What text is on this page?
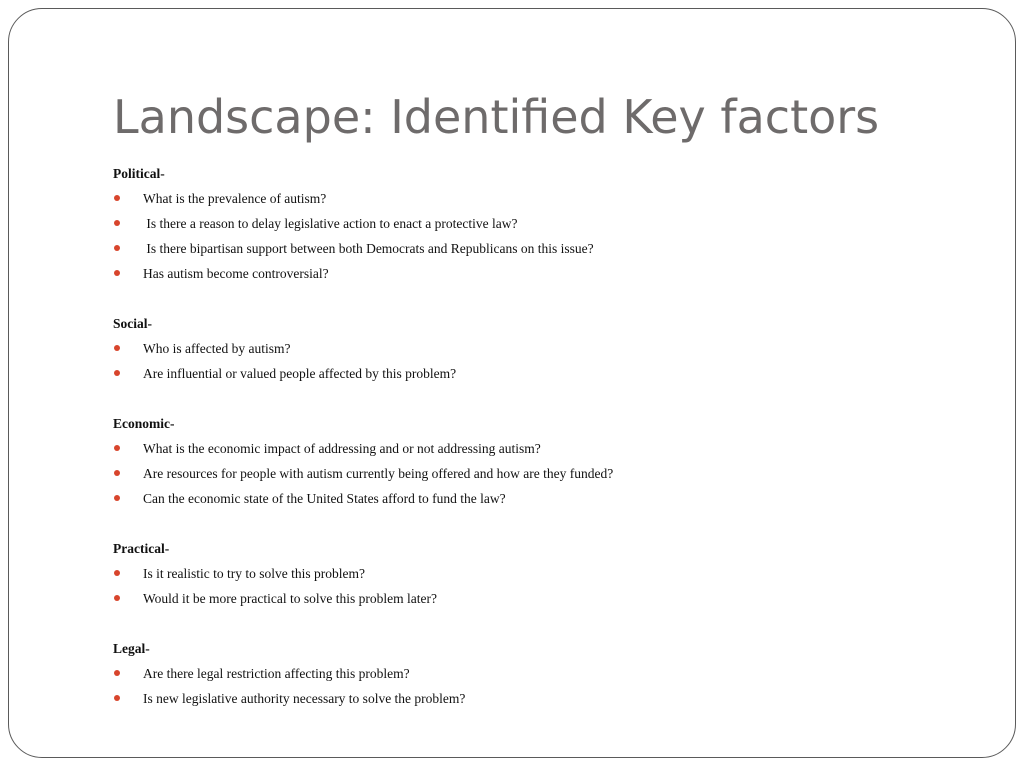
Landscape: Identified Key factors
Political-
What is the prevalence of autism?
Is there a reason to delay legislative action to enact a protective law?
Is there bipartisan support between both Democrats and Republicans on this issue?
Has autism become controversial?
Social-
Who is affected by autism?
Are influential or valued people affected by this problem?
Economic-
What is the economic impact of addressing and or not addressing autism?
Are resources for people with autism currently being offered and how are they funded?
Can the economic state of the United States afford to fund the law?
Practical-
Is it realistic to try to solve this problem?
Would it be more practical to solve this problem later?
Legal-
Are there legal restriction affecting this problem?
Is new legislative authority necessary to solve the problem?
